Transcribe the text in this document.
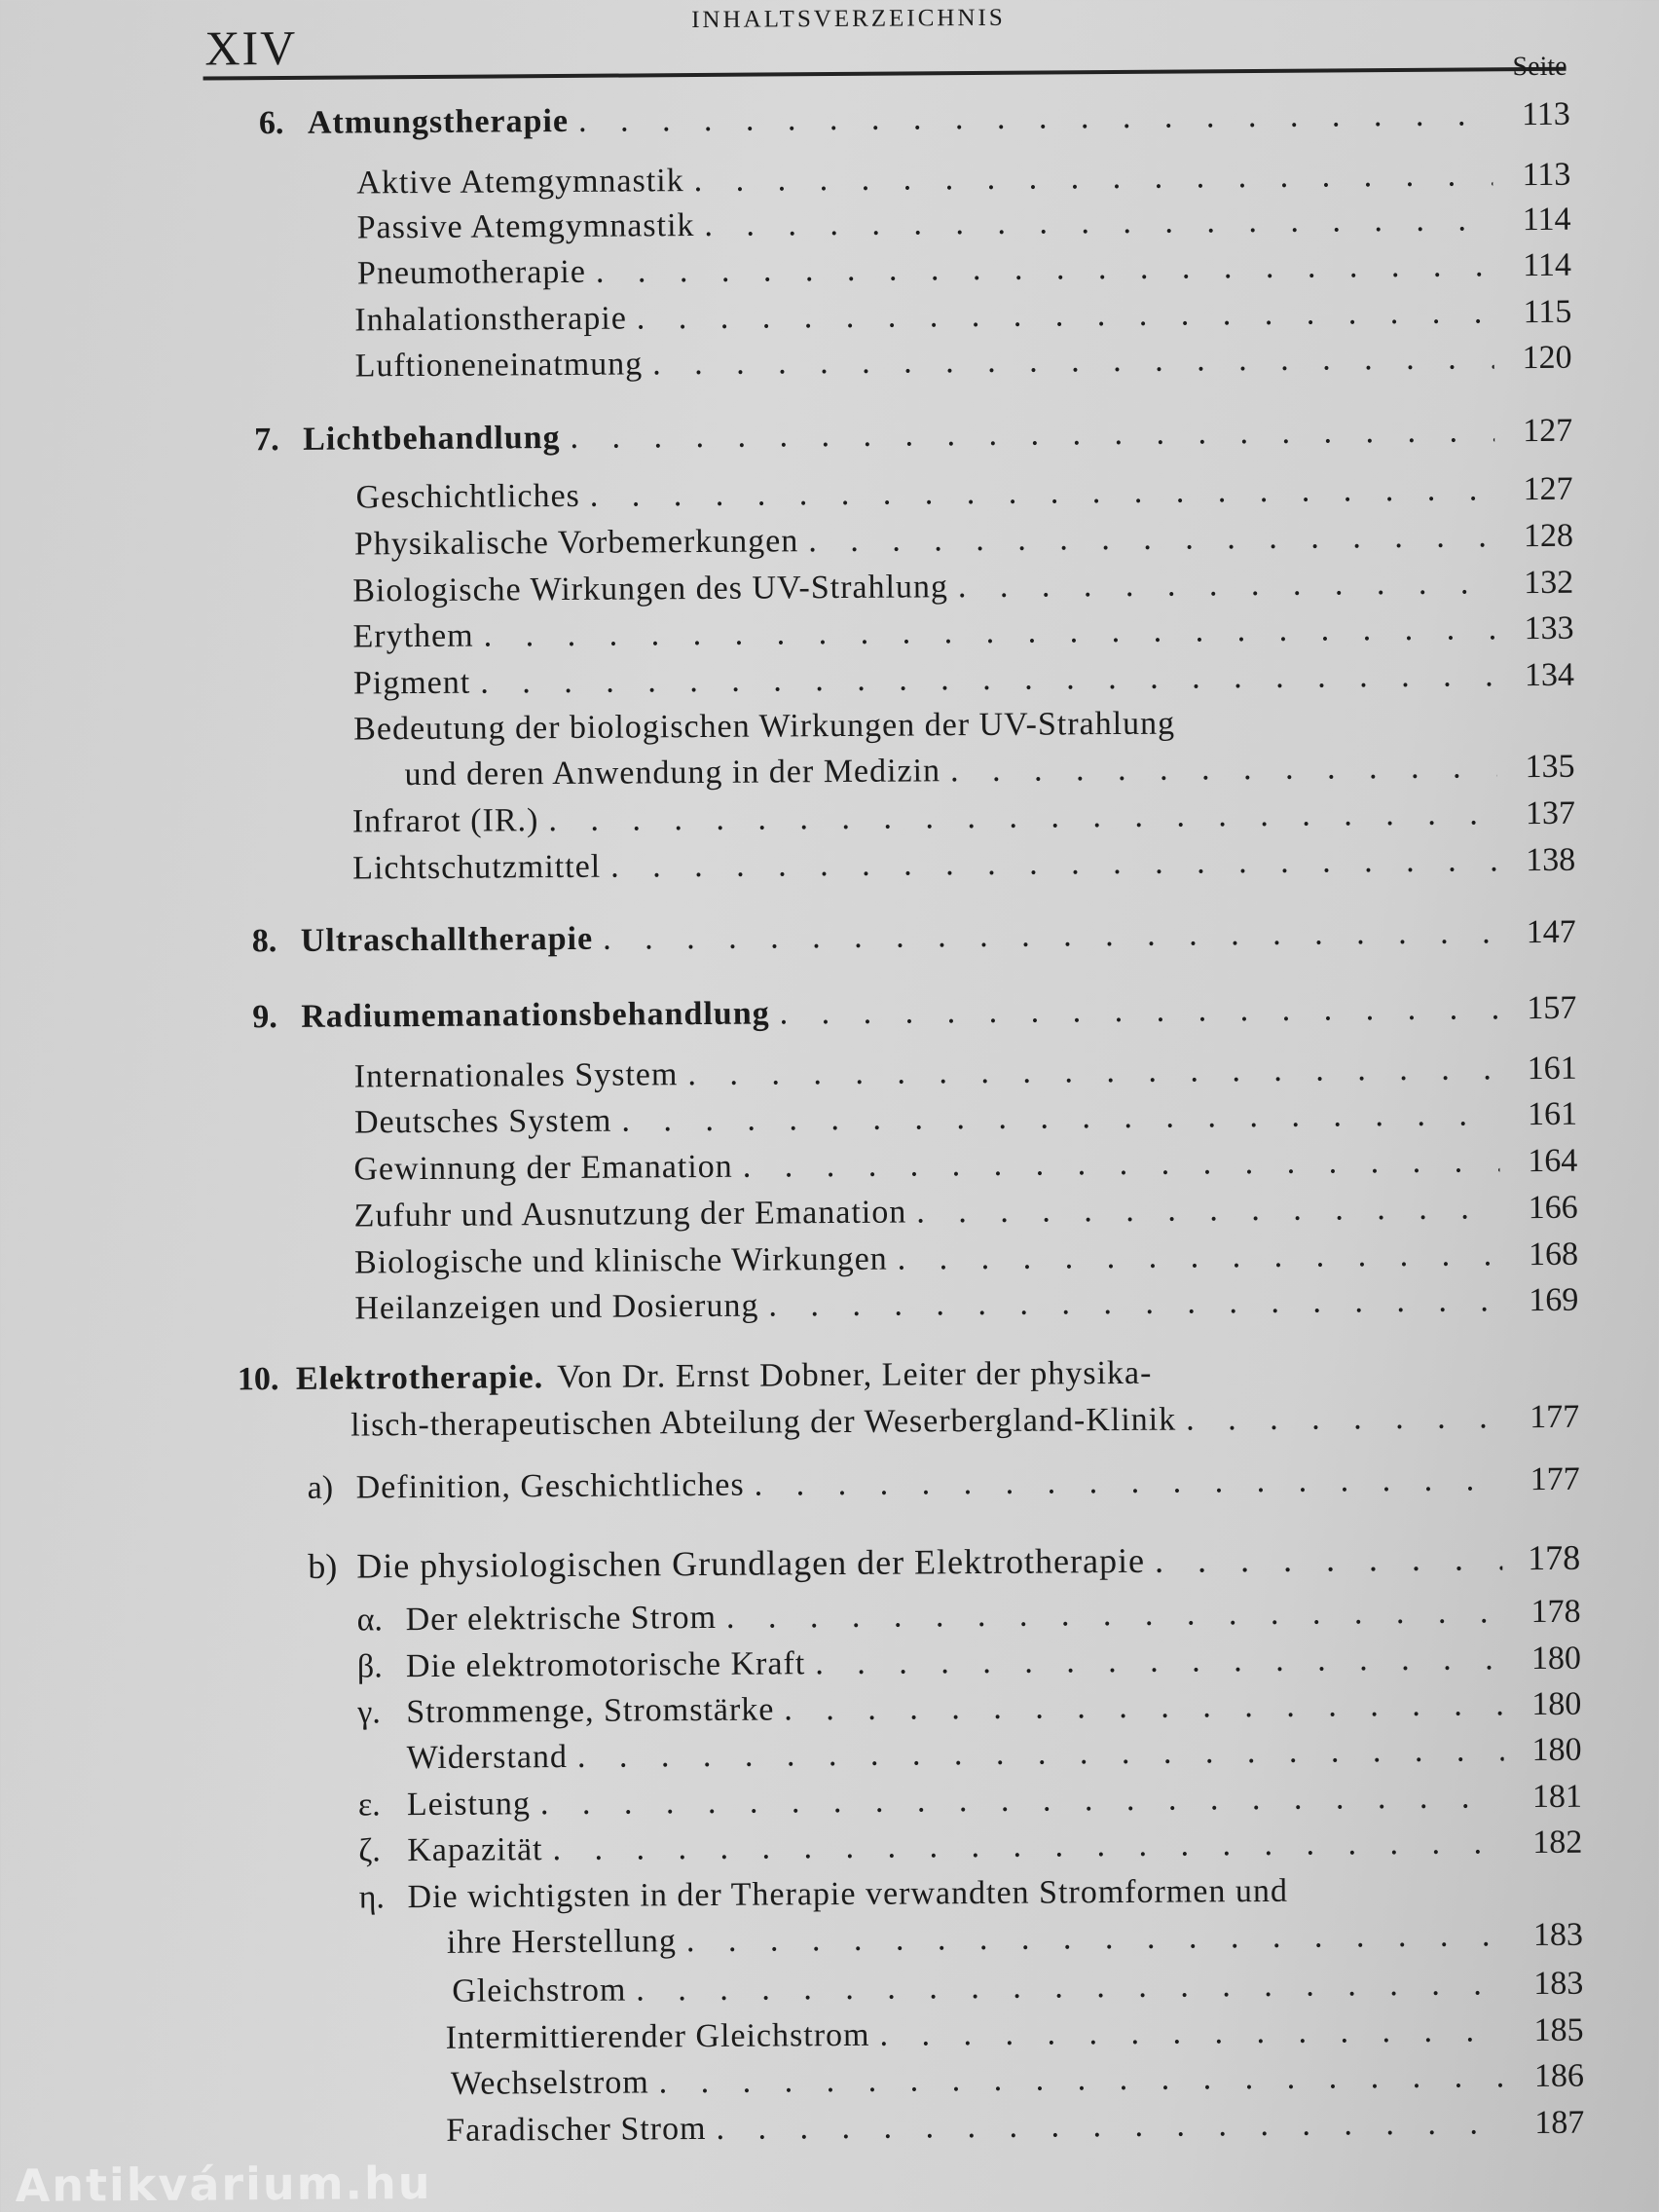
XIV
INHALTSVERZEICHNIS
Seite
6. Atmungstherapie . . .	113
Aktive Atemgymnastik . . .	113
Passive Atemgymnastik . . .	114
Pneumotherapie . . .	114
Inhalationstherapie . . .	115
Luftioneneinatmung . . .	120
7. Lichtbehandlung . . .	127
Geschichtliches . . .	127
Physikalische Vorbemerkungen . . .	128
Biologische Wirkungen des UV-Strahlung . . .	132
Erythem . . .	133
Pigment . . .	134
Bedeutung der biologischen Wirkungen der UV-Strahlung
und deren Anwendung in der Medizin . . .	135
Infrarot (IR.) . . .	137
Lichtschutzmittel . . .	138
8. Ultraschalltherapie . . .	147
9. Radiumemanationsbehandlung . . .	157
Internationales System . . .	161
Deutsches System . . .	161
Gewinnung der Emanation . . .	164
Zufuhr und Ausnutzung der Emanation . . .	166
Biologische und klinische Wirkungen . . .	168
Heilanzeigen und Dosierung . . .	169
10. Elektrotherapie. Von Dr. Ernst Dobner, Leiter der physika-
lisch-therapeutischen Abteilung der Weserbergland-Klinik . . .	177
a) Definition, Geschichtliches . . .	177
b) Die physiologischen Grundlagen der Elektrotherapie . . .	178
α. Der elektrische Strom . . .	178
β. Die elektromotorische Kraft . . .	180
γ. Strommenge, Stromstärke . . .	180
Widerstand . . .	180
ε. Leistung . . .	181
ζ. Kapazität . . .	182
η. Die wichtigsten in der Therapie verwandten Stromformen und
ihre Herstellung . . .	183
Gleichstrom . . .	183
Intermittierender Gleichstrom . . .	185
Wechselstrom . . .	186
Faradischer Strom . . .	187
Antikvárium.hu
